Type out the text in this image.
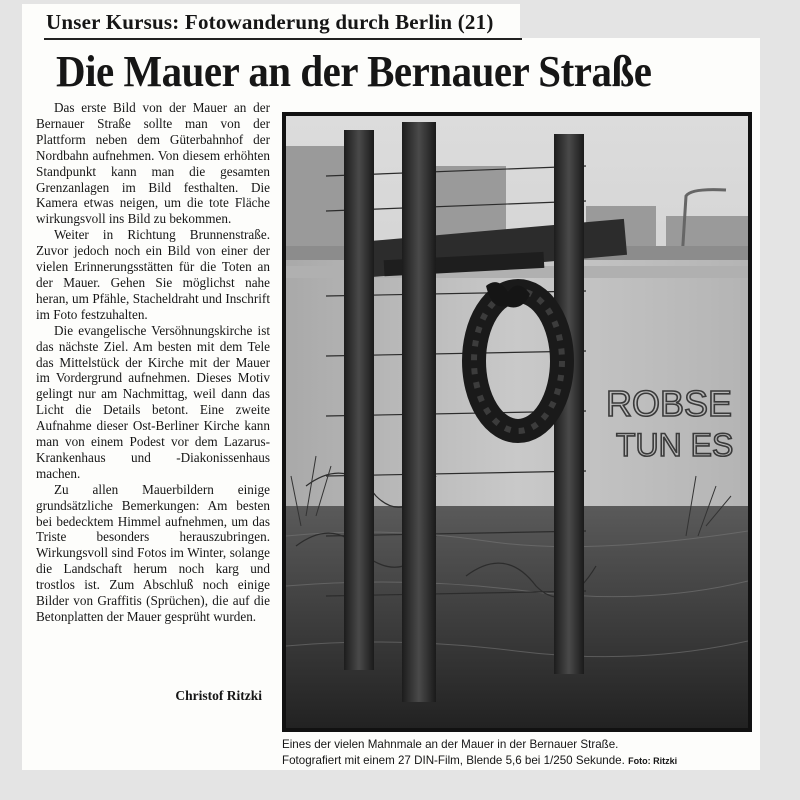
Unser Kursus: Fotowanderung durch Berlin (21)
Die Mauer an der Bernauer Straße

Das erste Bild von der Mauer an der Bernauer Straße sollte man von der Plattform neben dem Güterbahnhof der Nordbahn aufnehmen. Von diesem erhöhten Standpunkt kann man die gesamten Grenzanlagen im Bild festhalten. Die Kamera etwas neigen, um die tote Fläche wirkungsvoll ins Bild zu bekommen.

Weiter in Richtung Brunnenstraße. Zuvor jedoch noch ein Bild von einer der vielen Erinnerungsstätten für die Toten an der Mauer. Gehen Sie möglichst nahe heran, um Pfähle, Stacheldraht und Inschrift im Foto festzuhalten.

Die evangelische Versöhnungskirche ist das nächste Ziel. Am besten mit dem Tele das Mittelstück der Kirche mit der Mauer im Vordergrund aufnehmen. Dieses Motiv gelingt nur am Nachmittag, weil dann das Licht die Details betont. Eine zweite Aufnahme dieser Ost-Berliner Kirche kann man von einem Podest vor dem Lazarus-Krankenhaus und -Diakonissenhaus machen.

Zu allen Mauerbildern einige grundsätzliche Bemerkungen: Am besten bei bedecktem Himmel aufnehmen, um das Triste besonders herauszubringen. Wirkungsvoll sind Fotos im Winter, solange die Landschaft herum noch karg und trostlos ist. Zum Abschluß noch einige Bilder von Graffitis (Sprüchen), die auf die Betonplatten der Mauer gesprüht wurden.

Christof Ritzki
ROBSE
TUN ES
Eines der vielen Mahnmale an der Mauer in der Bernauer Straße.
Fotografiert mit einem 27 DIN-Film, Blende 5,6 bei 1/250 Sekunde. Foto: Ritzki
